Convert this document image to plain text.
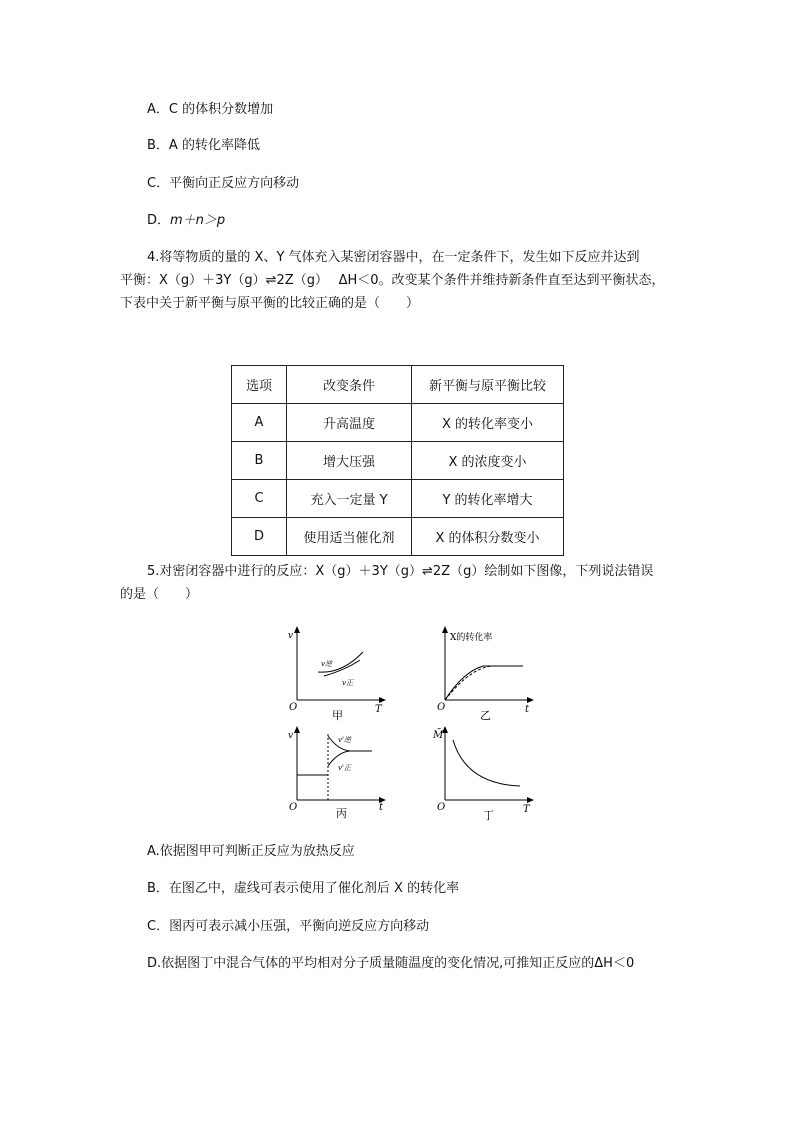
A．C 的体积分数增加
B．A 的转化率降低
C．平衡向正反应方向移动
D．m＋n＞p
4.将等物质的量的 X、Y 气体充入某密闭容器中，在一定条件下，发生如下反应并达到
平衡：X（g）＋3Y（g）⇌2Z（g）　 ΔH＜0。改变某个条件并维持新条件直至达到平衡状态，
下表中关于新平衡与原平衡的比较正确的是（　　）
选项	改变条件	新平衡与原平衡比较
A	升高温度	X 的转化率变小
B	增大压强	X 的浓度变小
C	充入一定量 Y	Y 的转化率增大
D	使用适当催化剂	X 的体积分数变小
5.对密闭容器中进行的反应：X（g）＋3Y（g）⇌2Z（g）绘制如下图像，下列说法错误
的是（　　）
v
O	T
v逆
v正
甲
X的转化率
O	t
乙
v
O	t
v'逆
v'正
丙
M̄
O	T
丁
A.依据图甲可判断正反应为放热反应
B．在图乙中，虚线可表示使用了催化剂后 X 的转化率
C．图丙可表示减小压强，平衡向逆反应方向移动
D.依据图丁中混合气体的平均相对分子质量随温度的变化情况,可推知正反应的ΔH＜0
